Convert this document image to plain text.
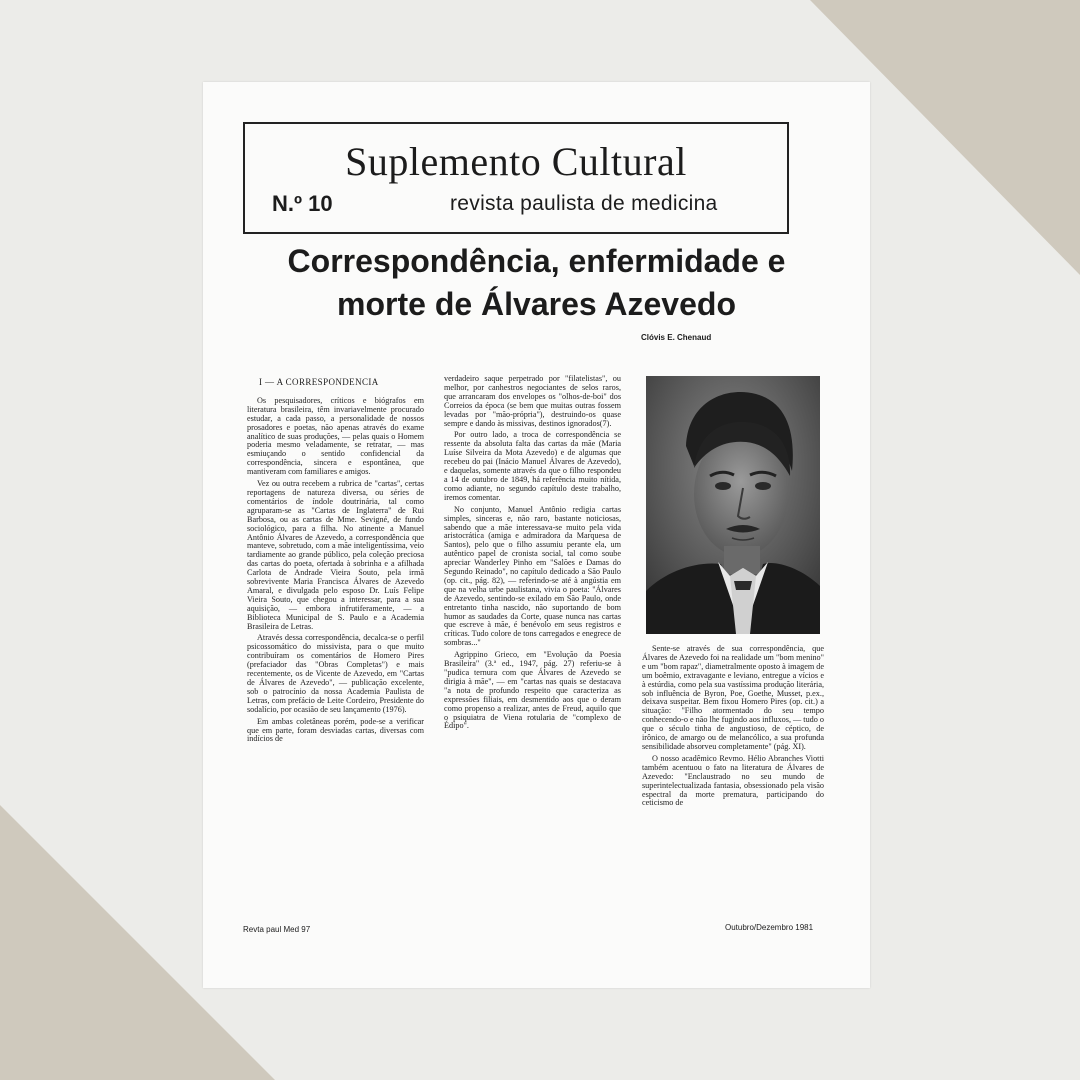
Suplemento Cultural
N.º 10	revista paulista de medicina
Correspondência, enfermidade e
morte de Álvares Azevedo
Clóvis E. Chenaud
I — A CORRESPONDENCIA

Os pesquisadores, críticos e biógrafos em literatura brasileira, têm invariavelmente procurado estudar, a cada passo, a personalidade de nossos prosadores e poetas, não apenas através do exame analítico de suas produções, — pelas quais o Homem poderia mesmo veladamente, se retratar, — mas esmiuçando o sentido confidencial da correspondência, sincera e espontânea, que mantiveram com familiares e amigos.

Vez ou outra recebem a rubrica de "cartas", certas reportagens de natureza diversa, ou séries de comentários de índole doutrinária, tal como agruparam-se as "Cartas de Inglaterra" de Rui Barbosa, ou as cartas de Mme. Sevigné, de fundo sociológico, para a filha. No atinente a Manuel Antônio Álvares de Azevedo, a correspondência que manteve, sobretudo, com a mãe inteligentíssima, veio tardiamente ao grande público, pela coleção preciosa das cartas do poeta, ofertada à sobrinha e a afilhada Carlota de Andrade Vieira Souto, pela irmã sobrevivente Maria Francisca Álvares de Azevedo Amaral, e divulgada pelo esposo Dr. Luís Felipe Vieira Souto, que chegou a interessar, para a sua aquisição, — embora infrutiferamente, — a Biblioteca Municipal de S. Paulo e a Academia Brasileira de Letras.

Através dessa correspondência, decalca-se o perfil psicossomático do missivista, para o que muito contribuíram os comentários de Homero Pires (prefaciador das "Obras Completas") e mais recentemente, os de Vicente de Azevedo, em "Cartas de Álvares de Azevedo", — publicação excelente, sob o patrocínio da nossa Academia Paulista de Letras, com prefácio de Leite Cordeiro, Presidente do sodalício, por ocasião de seu lançamento (1976).

Em ambas coletâneas porém, pode-se a verificar que em parte, foram desviadas cartas, diversas com indícios de

verdadeiro saque perpetrado por "filatelistas", ou melhor, por canhestros negociantes de selos raros, que arrancaram dos envelopes os "olhos-de-boi" dos Correios da época (se bem que muitas outras fossem levadas por "mão-própria"), destruindo-os quase sempre e dando às missivas, destinos ignorados(7).

Por outro lado, a troca de correspondência se ressente da absoluta falta das cartas da mãe (Maria Luíse Silveira da Mota Azevedo) e de algumas que recebeu do pai (Inácio Manuel Álvares de Azevedo), e daquelas, somente através da que o filho respondeu a 14 de outubro de 1849, há referência muito nítida, como adiante, no segundo capítulo deste trabalho, iremos comentar.

No conjunto, Manuel Antônio redigia cartas simples, sinceras e, não raro, bastante noticiosas, sabendo que a mãe interessava-se muito pela vida aristocrática (amiga e admiradora da Marquesa de Santos), pelo que o filho assumiu perante ela, um autêntico papel de cronista social, tal como soube apreciar Wanderley Pinho em "Salões e Damas do Segundo Reinado", no capítulo dedicado a São Paulo (op. cit., pág. 82), — referindo-se até à angústia em que na velha urbe paulistana, vivia o poeta: "Álvares de Azevedo, sentindo-se exilado em São Paulo, onde entretanto tinha nascido, não suportando de bom humor as saudades da Corte, quase nunca nas cartas que escreve à mãe, é benévolo em seus registros e críticas. Tudo colore de tons carregados e enegrece de sombras..."

Agrippino Grieco, em "Evolução da Poesia Brasileira" (3.ª ed., 1947, pág. 27) referiu-se à "pudica ternura com que Álvares de Azevedo se dirigia à mãe", — em "cartas nas quais se destacava "a nota de profundo respeito que caracteriza as expressões filiais, em desmentido aos que o deram como propenso a realizar, antes de Freud, aquilo que o psiquiatra de Viena rotularia de "complexo de Édipo".

Sente-se através de sua correspondência, que Álvares de Azevedo foi na realidade um "bom menino" e um "bom rapaz", diametralmente oposto à imagem de um boêmio, extravagante e leviano, entregue a vícios e à estúrdia, como pela sua vastíssima produção literária, sob influência de Byron, Poe, Goethe, Musset, p.ex., deixava suspeitar. Bem fixou Homero Pires (op. cit.) a situação: "Filho atormentado do seu tempo conhecendo-o e não lhe fugindo aos influxos, — tudo o que o século tinha de angustioso, de céptico, de irônico, de amargo ou de melancólico, a sua profunda sensibilidade absorveu completamente" (pág. XI).

O nosso acadêmico Revmo. Hélio Abranches Viotti também acentuou o fato na literatura de Álvares de Azevedo: "Enclaustrado no seu mundo de superintelectualizada fantasia, obsessionado pela visão espectral da morte prematura, participando do ceticismo de

Revta paul Med 97	Outubro/Dezembro 1981
